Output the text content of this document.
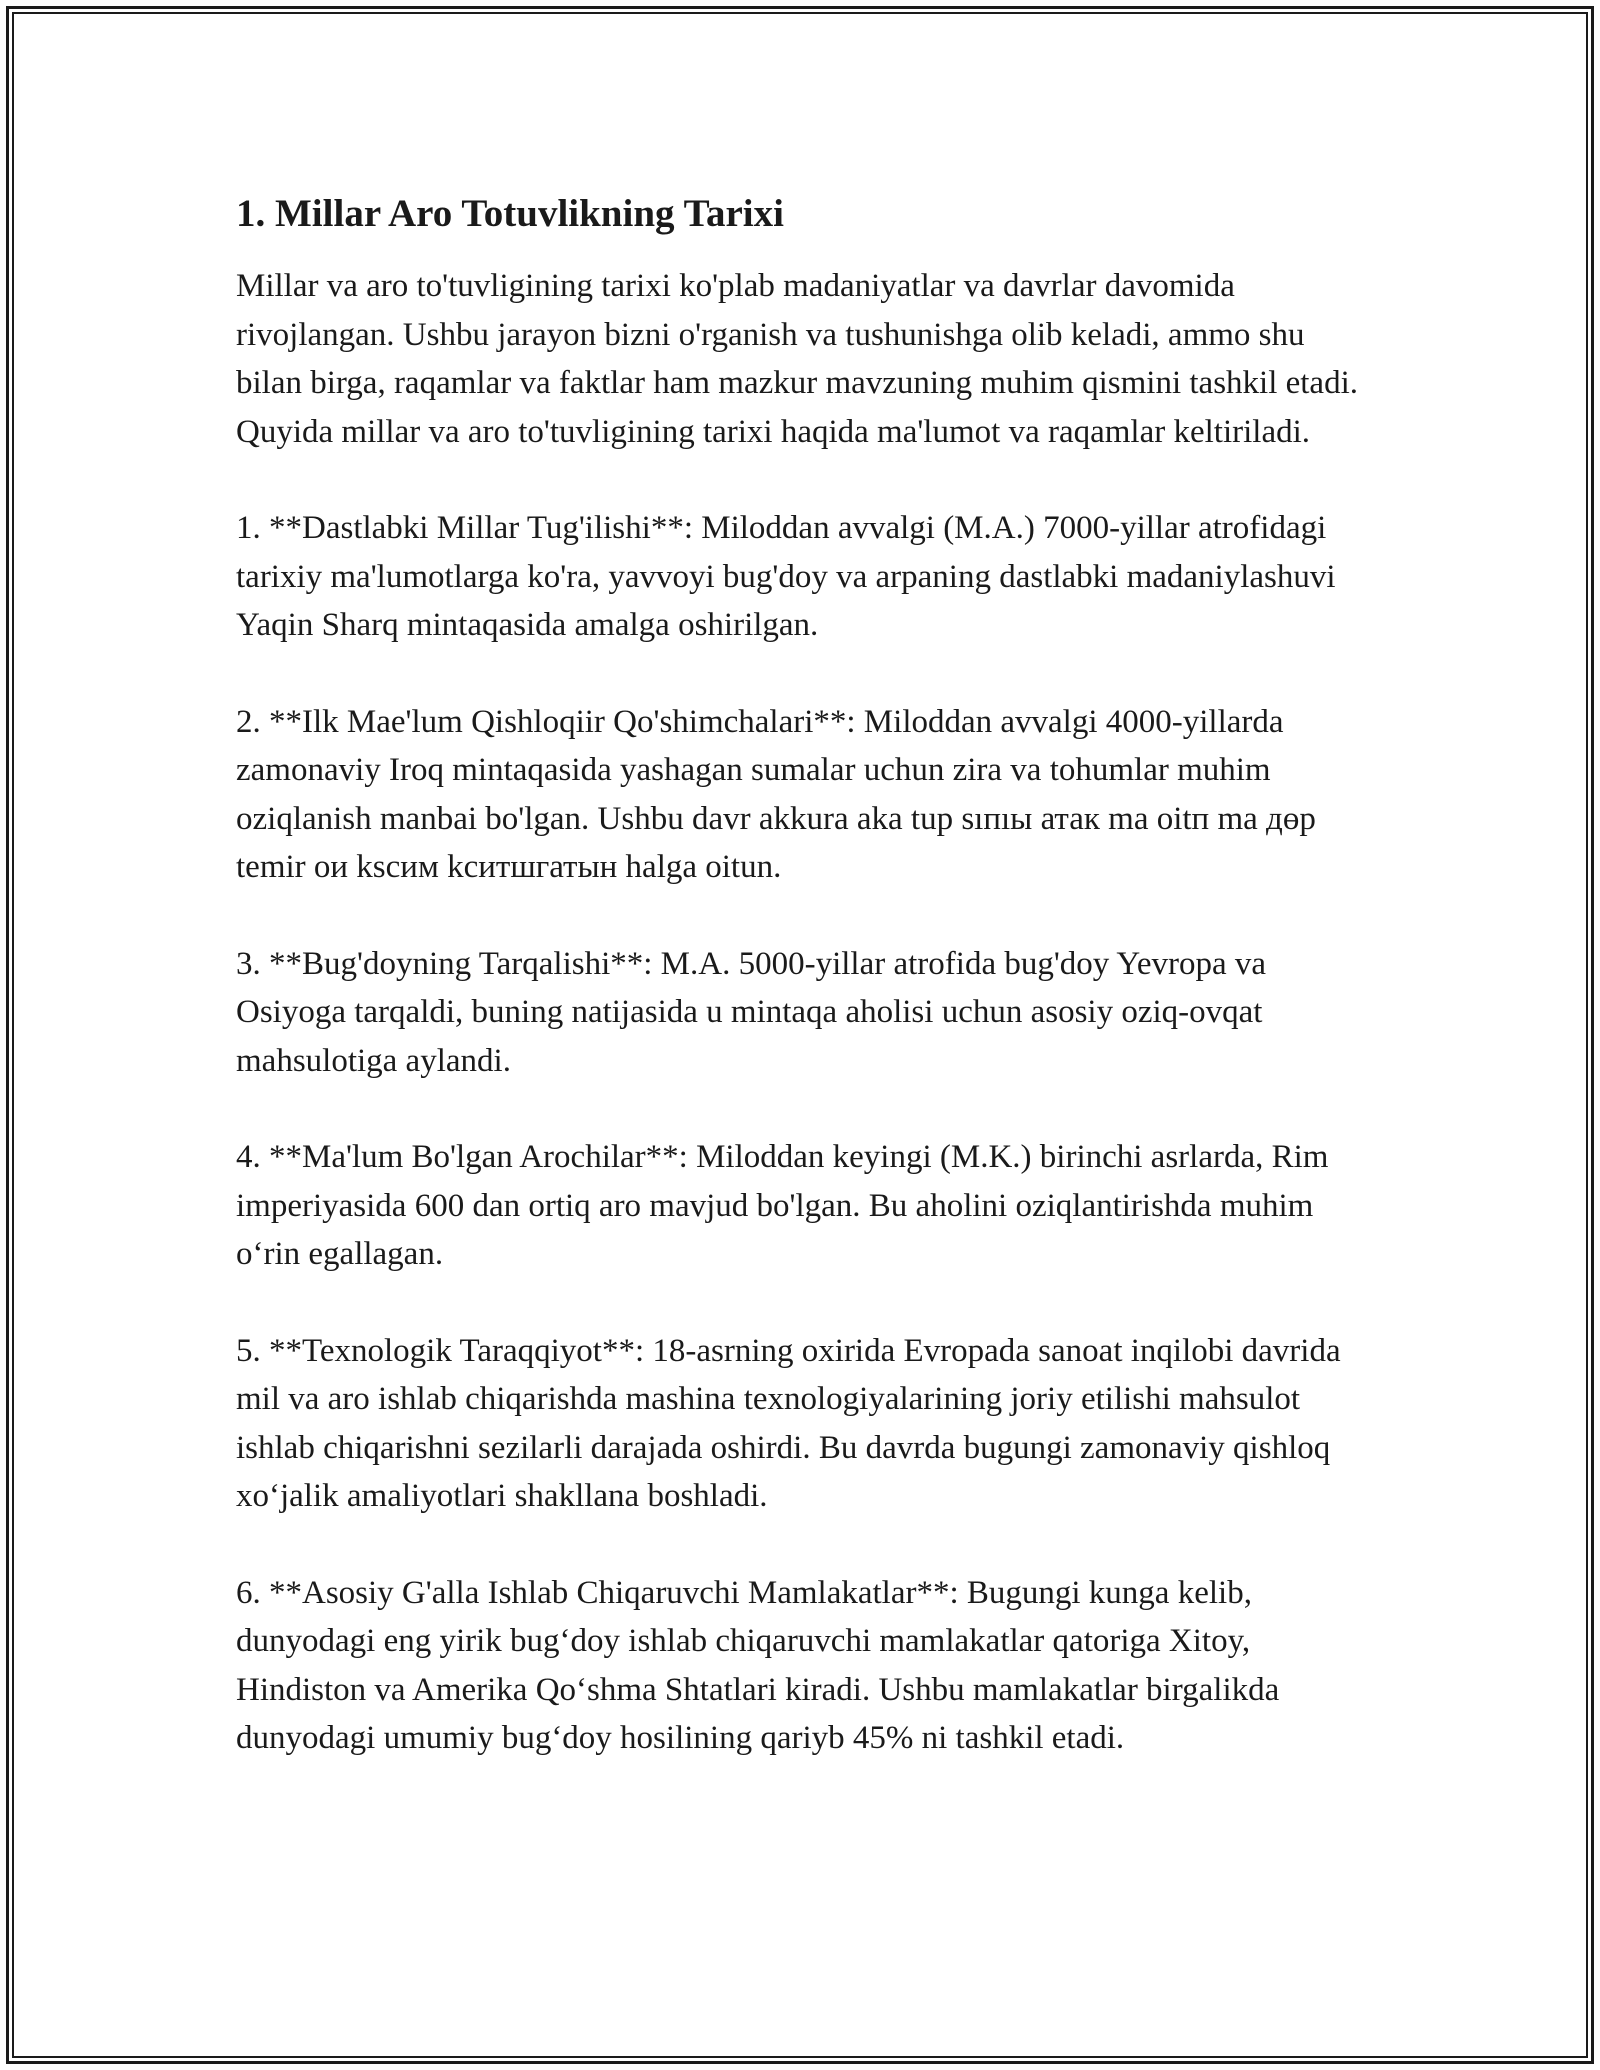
1. Millar Aro Totuvlikning Tarixi

Millar va aro to'tuvligining tarixi ko'plab madaniyatlar va davrlar davomida rivojlangan. Ushbu jarayon bizni o'rganish va tushunishga olib keladi, ammo shu bilan birga, raqamlar va faktlar ham mazkur mavzuning muhim qismini tashkil etadi. Quyida millar va aro to'tuvligining tarixi haqida ma'lumot va raqamlar keltiriladi.

1. **Dastlabki Millar Tug'ilishi**: Miloddan avvalgi (M.A.) 7000-yillar atrofidagi tarixiy ma'lumotlarga ko'ra, yavvoyi bug'doy va arpaning dastlabki madaniylashuvi Yaqin Sharq mintaqasida amalga oshirilgan.

2. **Ilk Mae'lum Qishloqiir Qo'shimchalari**: Miloddan avvalgi 4000-yillarda zamonaviy Iroq mintaqasida yashagan sumalar uchun zira va tohumlar muhim oziqlanish manbai bo'lgan. Ushbu davr akkura aka tup sıпıы атак ma oitп ma дөр temir ои kscим kситшгатын halga oitun.

3. **Bug'doyning Tarqalishi**: M.A. 5000-yillar atrofida bug'doy Yevropa va Osiyoga tarqaldi, buning natijasida u mintaqa aholisi uchun asosiy oziq-ovqat mahsulotiga aylandi.

4. **Ma'lum Bo'lgan Arochilar**: Miloddan keyingi (M.K.) birinchi asrlarda, Rim imperiyasida 600 dan ortiq aro mavjud bo'lgan. Bu aholini oziqlantirishda muhim o‘rin egallagan.

5. **Texnologik Taraqqiyot**: 18-asrning oxirida Evropada sanoat inqilobi davrida mil va aro ishlab chiqarishda mashina texnologiyalarining joriy etilishi mahsulot ishlab chiqarishni sezilarli darajada oshirdi. Bu davrda bugungi zamonaviy qishloq xo‘jalik amaliyotlari shakllana boshladi.

6. **Asosiy G'alla Ishlab Chiqaruvchi Mamlakatlar**: Bugungi kunga kelib, dunyodagi eng yirik bug‘doy ishlab chiqaruvchi mamlakatlar qatoriga Xitoy, Hindiston va Amerika Qo‘shma Shtatlari kiradi. Ushbu mamlakatlar birgalikda dunyodagi umumiy bug‘doy hosilining qariyb 45% ni tashkil etadi.
